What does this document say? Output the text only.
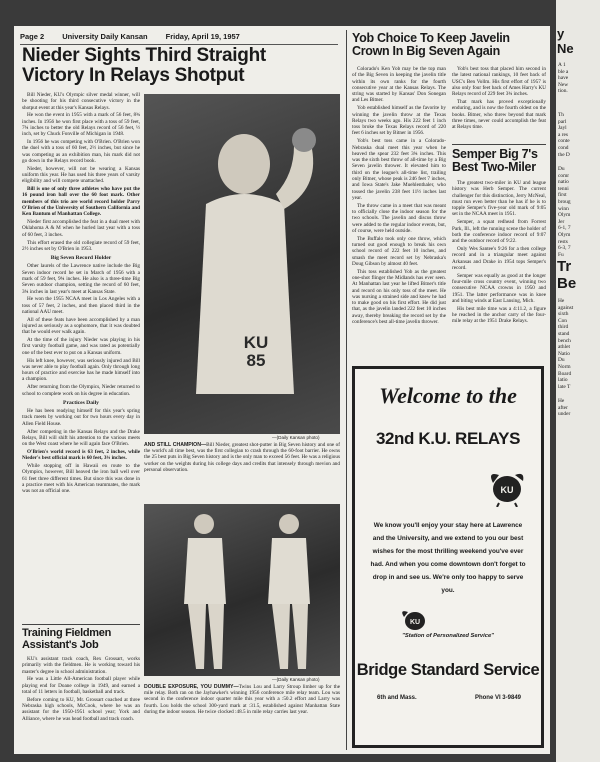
Page 2 University Daily Kansan Friday, April 19, 1957
Nieder Sights Third Straight
Victory In Relays Shotput

Bill Nieder, KU's Olympic silver medal winner, will be shooting for his third consecutive victory in the shotput event at this year's Kansas Relays.

He won the event in 1955 with a mark of 56 feet, 8¾ inches. In 1956 he won first place with a toss of 59 feet, 7¾ inches to better the old Relays record of 56 feet, ½ inch, set by Chuck Fonville of Michigan in 1948.

In 1956 he was competing with O'Brien. O'Brien won the duel with a toss of 60 feet, 2½ inches, but since he was competing as an exhibition man, his mark did not go down in the Relays record book.

Nieder, however, will not be wearing a Kansas uniform this year. He has used his three years of varsity eligibility and will compete unattached.

Bill is one of only three athletes who have put the 16 pound iron ball over the 60 foot mark. Other members of this trio are world record holder Parry O'Brien of the University of Southern California and Ken Bantum of Manhattan College.

Nieder first accomplished the feat in a dual meet with Oklahoma A & M when he hurled last year with a toss of 60 feet, 3 inches.

This effort erased the old collegiate record of 59 feet, 2½ inches set by O'Brien in 1953.

Big Seven Record Holder

Other laurels of the Lawrence native include the Big Seven indoor record he set in March of 1956 with a mark of 59 feet, 9¾ inches. He also is a three-time Big Seven outdoor champion, setting the record of 60 feet, 3¾ inches in last year's meet at Kansas State.

He won the 1955 NCAA meet in Los Angeles with a toss of 57 feet, 2 inches, and then placed third in the national AAU meet.

All of these feats have been accomplished by a man injured as seriously as a sophomore, that it was doubted that he would ever walk again.

At the time of the injury Nieder was playing in his first varsity football game, and was rated as potentially one of the best ever to put on a Kansas uniform.

His left knee, however, was seriously injured and Bill was never able to play football again. Only through long hours of practice and exercise has he made himself into a champion.

After returning from the Olympics, Nieder returned to school to complete work on his degree in education.

Practices Daily

He has been readying himself for this year's spring track meets by working out for two hours every day in Allen Field House.

After competing in the Kansas Relays and the Drake Relays, Bill will shift his attention to the various meets on the West coast where he will again face O'Brien.

O'Brien's world record is 63 feet, 2 inches, while Nieder's best official mark is 60 feet, 3¾ inches.

While stopping off in Hawaii en route to the Olympics, however, Bill heaved the iron ball well over 61 feet three different times. But since this was done in a practice meet with his American teammates, the mark was not an official one.

KU
85
—(Daily Kansan photo)
AND STILL CHAMPION—Bill Nieder, greatest shot-putter in Big Seven history and one of the world's all time best, was the first collegian to crash through the 60-foot barrier. He owns the 25 best puts in Big Seven history and is the only man to exceed 56 feet. He was a religious worker on the weights during his college days and credits that intensely through mevion and personal observation.
—(Daily Kansan photo)
DOUBLE EXPOSURE, YOU DUMMY—Twins Lou and Larry Stroup limber up for the mile relay. Both ran on the Jayhawker's winning 1956 conference mile relay team. Lou was second in the conference indoor quarter mile this year with a :50.2 effort and Larry was fourth. Lou holds the school 300-yard mark at :31.5, established against Manhattan State during the indoor season. He twice clocked :48.5 in mile relay carries last year.
Training Fieldmen
Assistant's Job

KU's assistant track coach, Rex Grossart, works primarily with the fieldmen. He is working toward his master's degree in school administration.

He was a Little All-American football player while playing end for Doane college in 1949, and earned a total of 11 letters in football, basketball and track.

Before coming to KU, Mr. Grossart coached at three Nebraska high schools, McCook, where he was an assistant for the 1950-1951 school year; York and Alliance, where he was head football and track coach.

Yob Choice To Keep Javelin
Crown In Big Seven Again

Colorado's Ken Yob may be the top man of the Big Seven in keeping the javelin title within its own ranks for the fourth consecutive year at the Kansas Relays. The string was started by Kansas' Don Sonegan and Les Bitner.

Yob established himself as the favorite by winning the javelin throw at the Texas Relays two weeks ago. His 222 feet 1 inch toss broke the Texas Relays record of 220 feet 6 inches set by Bitner in 1956.

Yob's best toss came in a Colorado-Nebraska dual meet this year when he heaved the spear 232 feet 3¾ inches. This was the sixth best throw of all-time by a Big Seven javelin thrower. It elevated him to third on the league's all-time list, trailing only Bitner, whose peak is 246 feet 7 inches, and Iowa State's Jake Muehlenthaler, who tossed the javelin 238 feet 11½ inches last year.

The throw came in a meet that was meant to officially close the indoor season for the two schools. The javelin and discus throw were added to the regular indoor events, but, of course, were held outside.

The Buffalo took only one throw, which turned out good enough to break his own school record of 222 feet 10 inches, and smash the meet record set by Nebraska's Doug Gibson by almost 40 feet.

This toss established Yob as the greatest one-shot flinger the Midlands has ever seen. At Manhattan last year he lifted Bitner's title and record on his only toss of the meet. He was nursing a strained side and knew he had to make good on his first effort. He did just that, as the javelin landed 222 feet 10 inches away, thereby breaking the record set by the conference's best all-time javelin thrower.

Yob's best toss that placed him second in the latest national rankings, 10 feet back of USC's Ben Vollm. His first effort of 1957 is also only four feet back of Ames Harry's KU Relays record of 229 feet 3¾ inches.

That mark has proved exceptionally enduring, and is now the fourth oldest on the books. Bitner, who threw beyond that mark three times, never could accomplish the feat at Relays time.

Semper Big 7's
Best Two-Miler

The greatest two-miler in KU and league history was Herb Semper. The current challenger for this distinction, Jerry McNeal, must run even better than he has if he is to topple Semper's five-year old mark of 9:05 set in the NCAA meet in 1951.

Semper, a squat redhead from Forrest Park, Ill., left the running scene the holder of both the conference indoor record of 9:07 and the outdoor record of 9:22.

Only Wes Santee's 9:26 for a then college record and in a triangular meet against Arkansas and Drake in 1954 tops Semper's record.

Semper was equally as good at the longer four-mile cross country event, winning two consecutive NCAA crowns in 1950 and 1951. The latter performance was in knee and biting winds at East Lansing, Mich.

His best mile time was a 4:11.2, a figure he reached in the anchor carry of the four-mile relay at the 1951 Drake Relays.

Welcome to the
32nd K.U. RELAYS
KU
We know you'll enjoy your stay here at Lawrence and the University, and we extend to you our best wishes for the most thrilling weekend you've ever had. And when you come downtown don't forget to drop in and see us. We're only too happy to serve you.
KU
"Station of Personalized Service"
Bridge Standard Service
6th and Mass.	Phone VI 3-9849
y
Ne
A 1
ble a
have
New
tion.
Th
parl
Jayl
a res
conte
cond
the D
Du
comr
natio
tenni
first
broug
winn
Olym
Jer
6-1, 7
Olym
rests
6-3, 7
Fu
Tr
Be
He
against
sixth
Con
third
stand
bench
athlet
Natio
Du
Norm
Board
latio
late T
He
after
under
